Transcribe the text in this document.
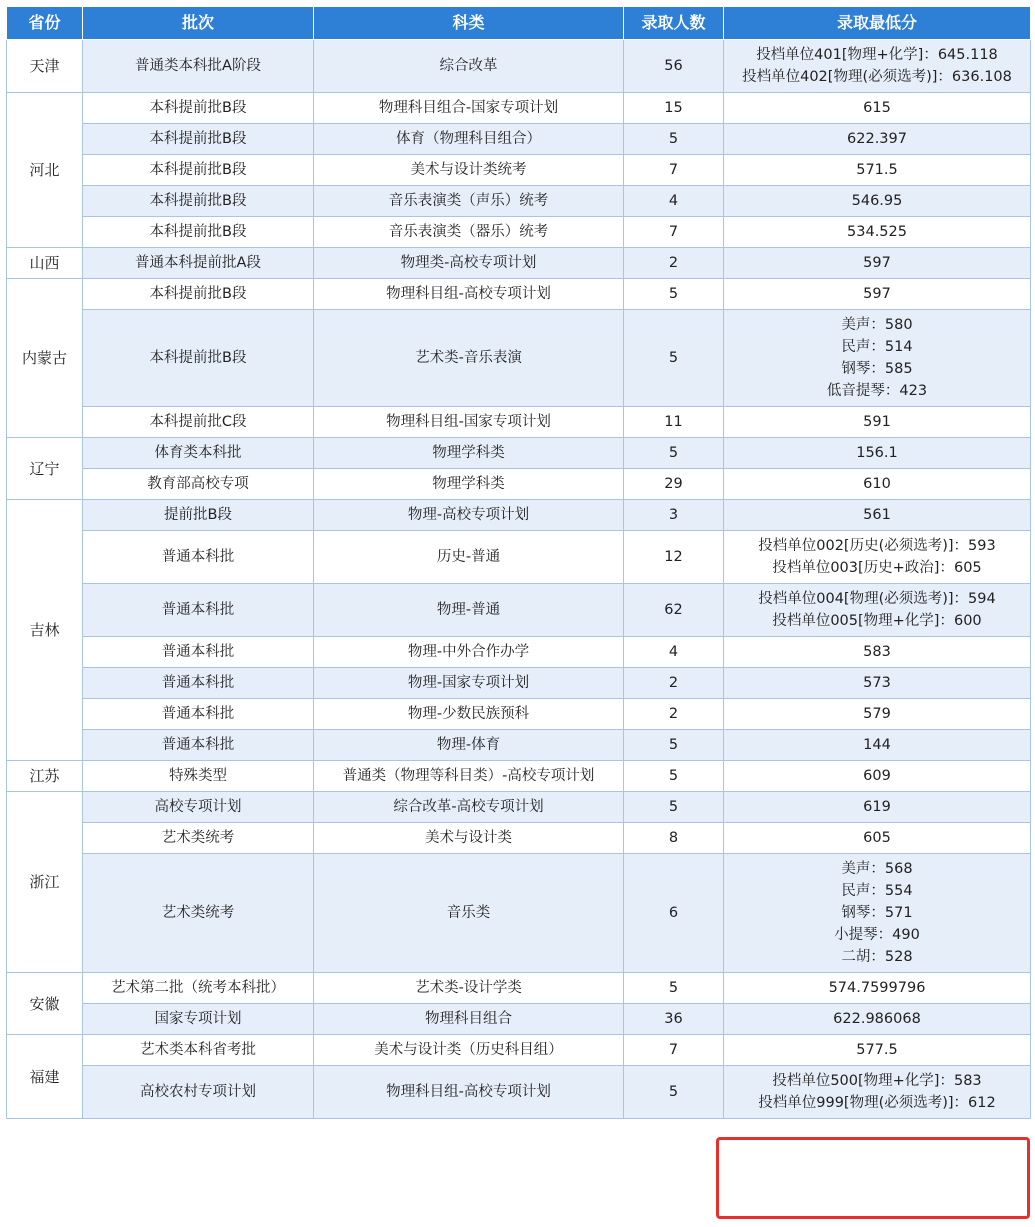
省份	批次	科类	录取人数	录取最低分
天津	普通类本科批A阶段	综合改革	56	投档单位401[物理+化学]：645.118
投档单位402[物理(必须选考)]：636.108

河北	本科提前批B段	物理科目组合-国家专项计划	15	615

	本科提前批B段	体育（物理科目组合）	5	622.397

	本科提前批B段	美术与设计类统考	7	571.5

	本科提前批B段	音乐表演类（声乐）统考	4	546.95

	本科提前批B段	音乐表演类（器乐）统考	7	534.525

山西	普通本科提前批A段	物理类-高校专项计划	2	597

内蒙古	本科提前批B段	物理科目组-高校专项计划	5	597

	本科提前批B段	艺术类-音乐表演	5	美声：580
民声：514
钢琴：585
低音提琴：423

	本科提前批C段	物理科目组-国家专项计划	11	591

辽宁	体育类本科批	物理学科类	5	156.1

	教育部高校专项	物理学科类	29	610

吉林	提前批B段	物理-高校专项计划	3	561

	普通本科批	历史-普通	12	投档单位002[历史(必须选考)]：593
投档单位003[历史+政治]：605

	普通本科批	物理-普通	62	投档单位004[物理(必须选考)]：594
投档单位005[物理+化学]：600

	普通本科批	物理-中外合作办学	4	583

	普通本科批	物理-国家专项计划	2	573

	普通本科批	物理-少数民族预科	2	579

	普通本科批	物理-体育	5	144

江苏	特殊类型	普通类（物理等科目类）-高校专项计划	5	609

浙江	高校专项计划	综合改革-高校专项计划	5	619

	艺术类统考	美术与设计类	8	605

	艺术类统考	音乐类	6	美声：568
民声：554
钢琴：571
小提琴：490
二胡：528

安徽	艺术第二批（统考本科批）	艺术类-设计学类	5	574.7599796

	国家专项计划	物理科目组合	36	622.986068

福建	艺术类本科省考批	美术与设计类（历史科目组）	7	577.5

	高校农村专项计划	物理科目组-高校专项计划	5	投档单位500[物理+化学]：583
投档单位999[物理(必须选考)]：612
